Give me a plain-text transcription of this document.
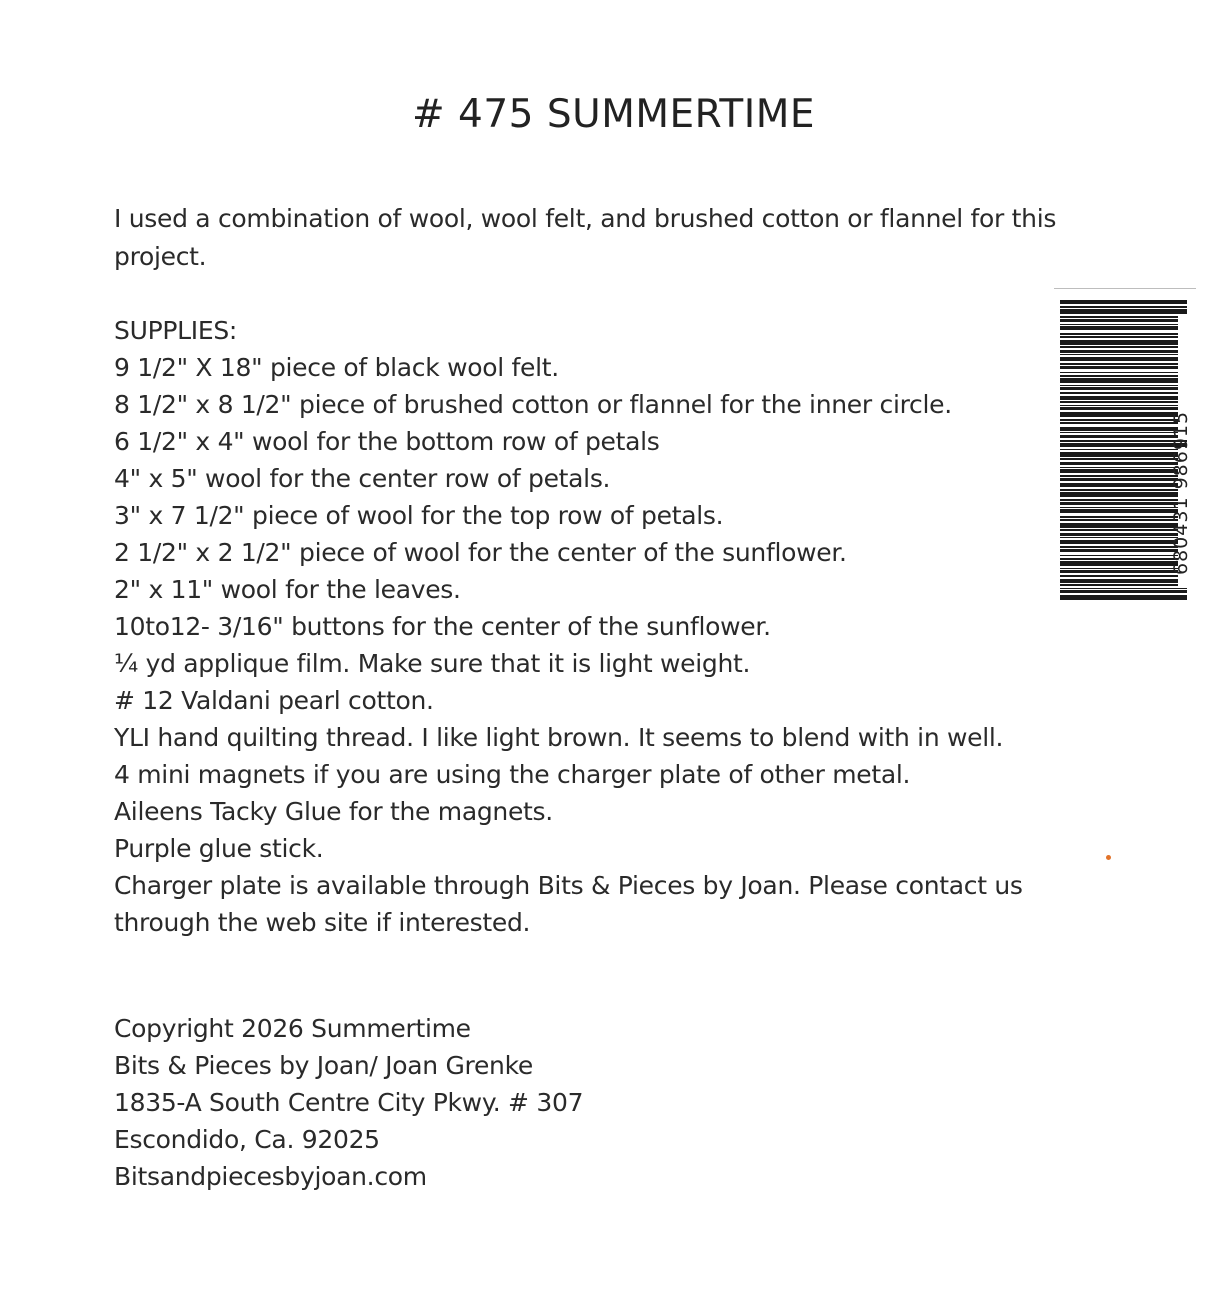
# 475 SUMMERTIME
I used a combination of wool, wool felt, and brushed cotton or flannel for this project.
SUPPLIES:
9 1/2" X 18" piece of black wool felt.
8 1/2" x 8 1/2" piece of brushed cotton or flannel for the inner circle.
6 1/2" x 4" wool for the bottom row of petals
4" x 5" wool for the center row of petals.
3" x 7 1/2" piece of wool for the top row of petals.
2 1/2" x 2 1/2" piece of wool for the center of the sunflower.
2" x 11" wool for the leaves.
10to12- 3/16" buttons for the center of the sunflower.
¼ yd applique film. Make sure that it is light weight.
# 12 Valdani pearl cotton.
YLI hand quilting thread. I like light brown. It seems to blend with in well.
4 mini magnets if you are using the charger plate of other metal.
Aileens Tacky Glue for the magnets.
Purple glue stick.
Charger plate is available through Bits & Pieces by Joan. Please contact us through the web site if interested.
Copyright 2026 Summertime
Bits & Pieces by Joan/ Joan Grenke
1835-A South Centre City Pkwy. # 307
Escondido, Ca. 92025
Bitsandpiecesbyjoan.com
680431 986915
